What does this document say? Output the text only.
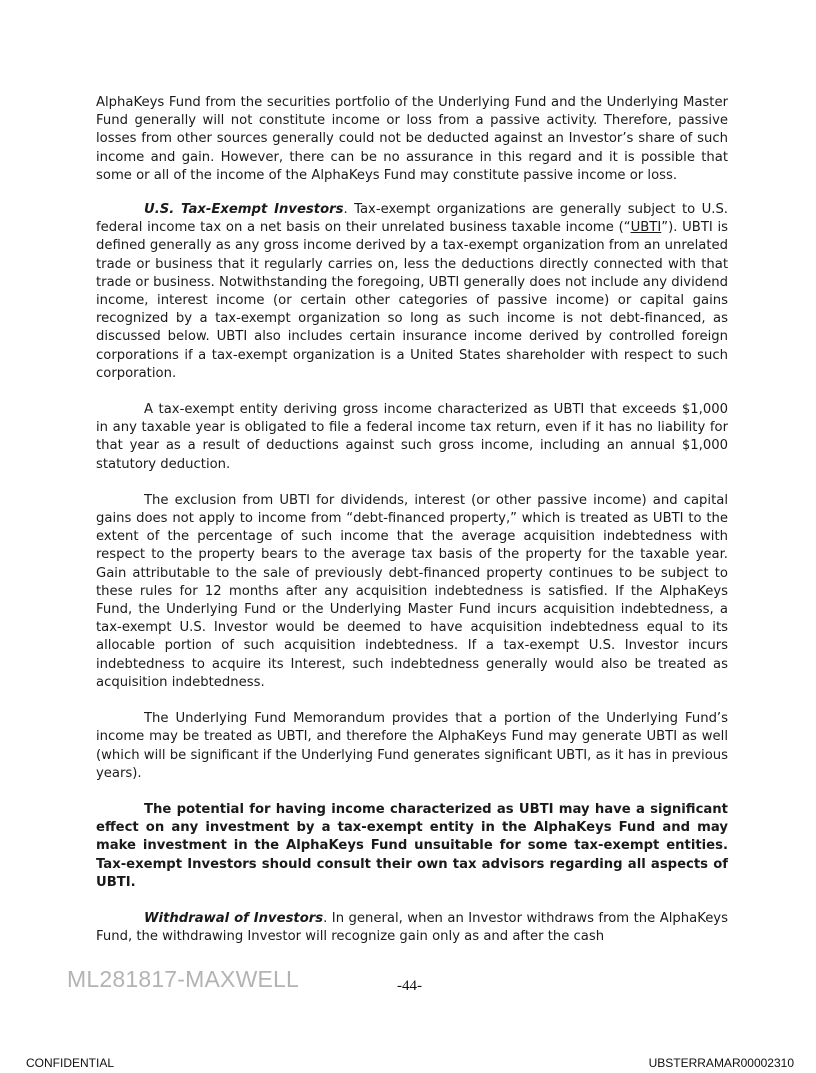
AlphaKeys Fund from the securities portfolio of the Underlying Fund and the Underlying Master Fund generally will not constitute income or loss from a passive activity. Therefore, passive losses from other sources generally could not be deducted against an Investor’s share of such income and gain. However, there can be no assurance in this regard and it is possible that some or all of the income of the AlphaKeys Fund may constitute passive income or loss.

U.S. Tax-Exempt Investors. Tax-exempt organizations are generally subject to U.S. federal income tax on a net basis on their unrelated business taxable income (“UBTI”). UBTI is defined generally as any gross income derived by a tax-exempt organization from an unrelated trade or business that it regularly carries on, less the deductions directly connected with that trade or business. Notwithstanding the foregoing, UBTI generally does not include any dividend income, interest income (or certain other categories of passive income) or capital gains recognized by a tax-exempt organization so long as such income is not debt-financed, as discussed below. UBTI also includes certain insurance income derived by controlled foreign corporations if a tax-exempt organization is a United States shareholder with respect to such corporation.

A tax-exempt entity deriving gross income characterized as UBTI that exceeds $1,000 in any taxable year is obligated to file a federal income tax return, even if it has no liability for that year as a result of deductions against such gross income, including an annual $1,000 statutory deduction.

The exclusion from UBTI for dividends, interest (or other passive income) and capital gains does not apply to income from “debt-financed property,” which is treated as UBTI to the extent of the percentage of such income that the average acquisition indebtedness with respect to the property bears to the average tax basis of the property for the taxable year. Gain attributable to the sale of previously debt-financed property continues to be subject to these rules for 12 months after any acquisition indebtedness is satisfied. If the AlphaKeys Fund, the Underlying Fund or the Underlying Master Fund incurs acquisition indebtedness, a tax-exempt U.S. Investor would be deemed to have acquisition indebtedness equal to its allocable portion of such acquisition indebtedness. If a tax-exempt U.S. Investor incurs indebtedness to acquire its Interest, such indebtedness generally would also be treated as acquisition indebtedness.

The Underlying Fund Memorandum provides that a portion of the Underlying Fund’s income may be treated as UBTI, and therefore the AlphaKeys Fund may generate UBTI as well (which will be significant if the Underlying Fund generates significant UBTI, as it has in previous years).

The potential for having income characterized as UBTI may have a significant effect on any investment by a tax-exempt entity in the AlphaKeys Fund and may make investment in the AlphaKeys Fund unsuitable for some tax-exempt entities. Tax-exempt Investors should consult their own tax advisors regarding all aspects of UBTI.

Withdrawal of Investors. In general, when an Investor withdraws from the AlphaKeys Fund, the withdrawing Investor will recognize gain only as and after the cash

ML281817-MAXWELL	-44-
CONFIDENTIAL	UBSTERRAMAR00002310
